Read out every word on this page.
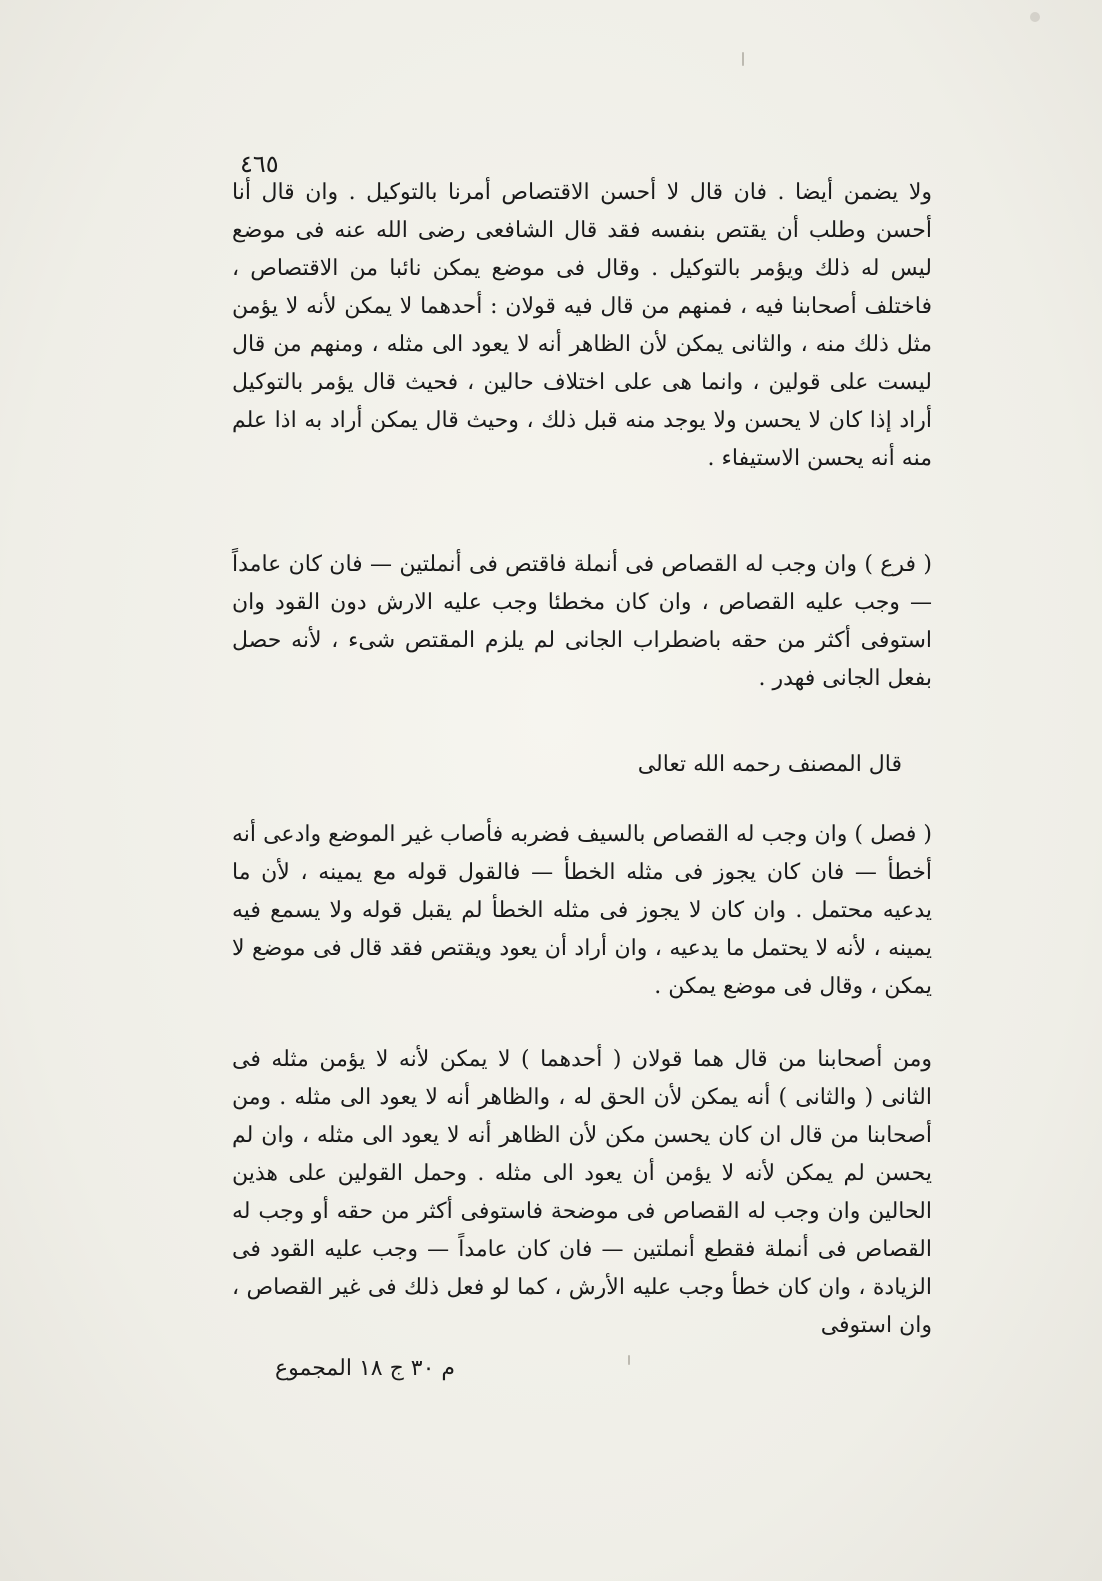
٤٦٥

ولا يضمن أيضا . فان قال لا أحسن الاقتصاص أمرنا بالتوكيل . وان قال أنا أحسن وطلب أن يقتص بنفسه فقد قال الشافعى رضى الله عنه فى موضع ليس له ذلك ويؤمر بالتوكيل . وقال فى موضع يمكن نائبا من الاقتصاص ، فاختلف أصحابنا فيه ، فمنهم من قال فيه قولان : أحدهما لا يمكن لأنه لا يؤمن مثل ذلك منه ، والثانى يمكن لأن الظاهر أنه لا يعود الى مثله ، ومنهم من قال ليست على قولين ، وانما هى على اختلاف حالين ، فحيث قال يؤمر بالتوكيل أراد إذا كان لا يحسن ولا يوجد منه قبل ذلك ، وحيث قال يمكن أراد به اذا علم منه أنه يحسن الاستيفاء .

( فرع ) وان وجب له القصاص فى أنملة فاقتص فى أنملتين — فان كان عامداً — وجب عليه القصاص ، وان كان مخطئا وجب عليه الارش دون القود وان استوفى أكثر من حقه باضطراب الجانى لم يلزم المقتص شىء ، لأنه حصل بفعل الجانى فهدر .

قال المصنف رحمه الله تعالى

( فصل ) وان وجب له القصاص بالسيف فضربه فأصاب غير الموضع وادعى أنه أخطأ — فان كان يجوز فى مثله الخطأ — فالقول قوله مع يمينه ، لأن ما يدعيه محتمل . وان كان لا يجوز فى مثله الخطأ لم يقبل قوله ولا يسمع فيه يمينه ، لأنه لا يحتمل ما يدعيه ، وان أراد أن يعود ويقتص فقد قال فى موضع لا يمكن ، وقال فى موضع يمكن .

ومن أصحابنا من قال هما قولان ( أحدهما ) لا يمكن لأنه لا يؤمن مثله فى الثانى ( والثانى ) أنه يمكن لأن الحق له ، والظاهر أنه لا يعود الى مثله . ومن أصحابنا من قال ان كان يحسن مكن لأن الظاهر أنه لا يعود الى مثله ، وان لم يحسن لم يمكن لأنه لا يؤمن أن يعود الى مثله . وحمل القولين على هذين الحالين وان وجب له القصاص فى موضحة فاستوفى أكثر من حقه أو وجب له القصاص فى أنملة فقطع أنملتين — فان كان عامداً — وجب عليه القود فى الزيادة ، وان كان خطأ وجب عليه الأرش ، كما لو فعل ذلك فى غير القصاص ، وان استوفى

م ٣٠ ج ١٨ المجموع
